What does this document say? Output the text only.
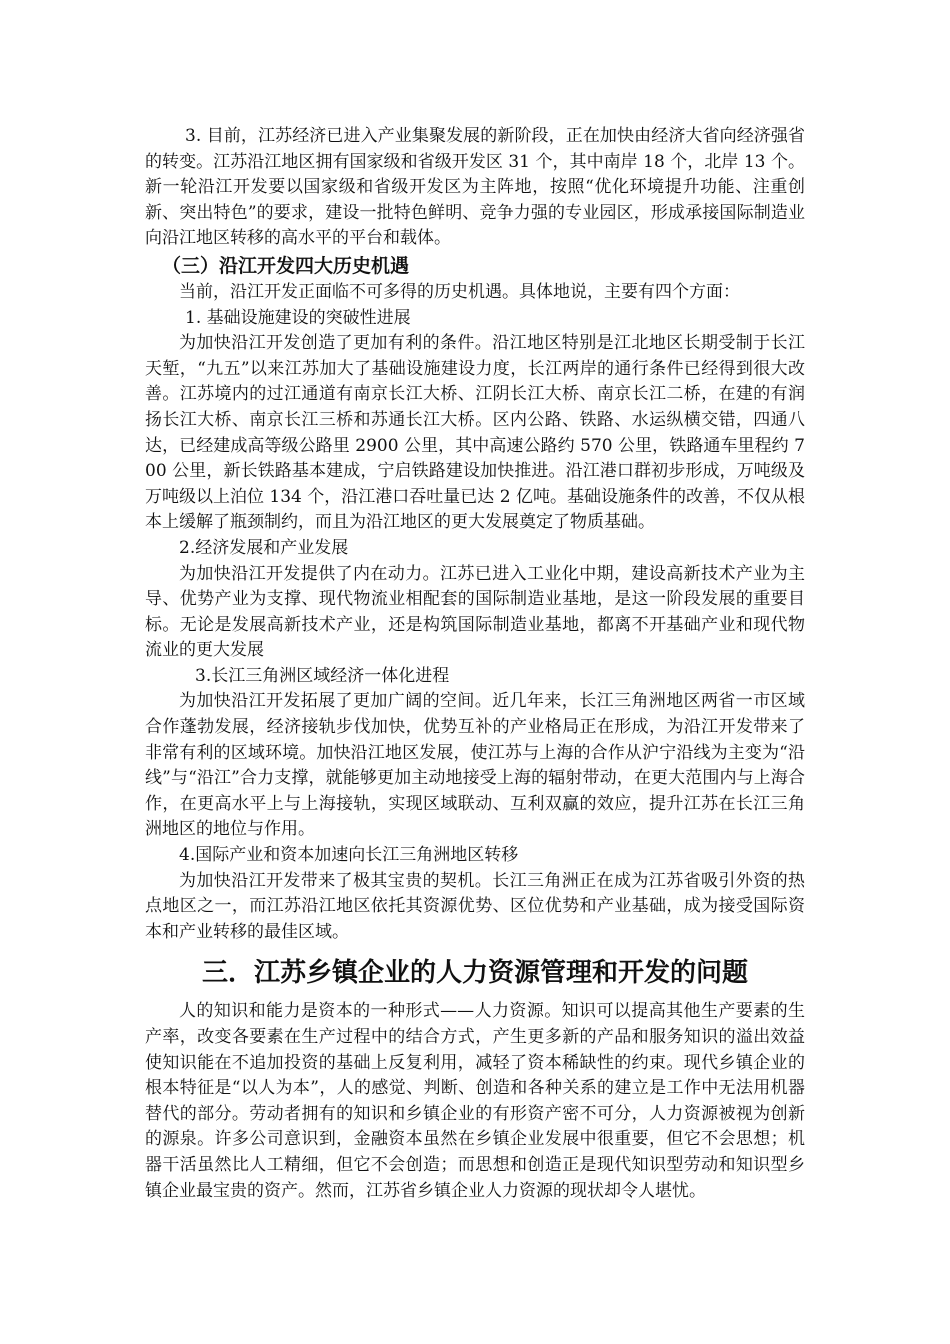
3. 目前，江苏经济已进入产业集聚发展的新阶段，正在加快由经济大省向经济强省的转变。江苏沿江地区拥有国家级和省级开发区 31 个，其中南岸 18 个，北岸 13 个。新一轮沿江开发要以国家级和省级开发区为主阵地，按照“优化环境提升功能、注重创新、突出特色”的要求，建设一批特色鲜明、竞争力强的专业园区，形成承接国际制造业向沿江地区转移的高水平的平台和载体。

（三）沿江开发四大历史机遇

当前，沿江开发正面临不可多得的历史机遇。具体地说，主要有四个方面：

1. 基础设施建设的突破性进展

为加快沿江开发创造了更加有利的条件。沿江地区特别是江北地区长期受制于长江天堑，“九五”以来江苏加大了基础设施建设力度，长江两岸的通行条件已经得到很大改善。江苏境内的过江通道有南京长江大桥、江阴长江大桥、南京长江二桥，在建的有润扬长江大桥、南京长江三桥和苏通长江大桥。区内公路、铁路、水运纵横交错，四通八达，已经建成高等级公路里 2900 公里，其中高速公路约 570 公里，铁路通车里程约 700 公里，新长铁路基本建成，宁启铁路建设加快推进。沿江港口群初步形成，万吨级及万吨级以上泊位 134 个，沿江港口吞吐量已达 2 亿吨。基础设施条件的改善，不仅从根本上缓解了瓶颈制约，而且为沿江地区的更大发展奠定了物质基础。

2.经济发展和产业发展

为加快沿江开发提供了内在动力。江苏已进入工业化中期，建设高新技术产业为主导、优势产业为支撑、现代物流业相配套的国际制造业基地，是这一阶段发展的重要目标。无论是发展高新技术产业，还是构筑国际制造业基地，都离不开基础产业和现代物流业的更大发展

3.长江三角洲区域经济一体化进程

为加快沿江开发拓展了更加广阔的空间。近几年来，长江三角洲地区两省一市区域合作蓬勃发展，经济接轨步伐加快，优势互补的产业格局正在形成，为沿江开发带来了非常有利的区域环境。加快沿江地区发展，使江苏与上海的合作从沪宁沿线为主变为“沿线”与“沿江”合力支撑，就能够更加主动地接受上海的辐射带动，在更大范围内与上海合作，在更高水平上与上海接轨，实现区域联动、互利双赢的效应，提升江苏在长江三角洲地区的地位与作用。

4.国际产业和资本加速向长江三角洲地区转移

为加快沿江开发带来了极其宝贵的契机。长江三角洲正在成为江苏省吸引外资的热点地区之一，而江苏沿江地区依托其资源优势、区位优势和产业基础，成为接受国际资本和产业转移的最佳区域。

三．江苏乡镇企业的人力资源管理和开发的问题

人的知识和能力是资本的一种形式——人力资源。知识可以提高其他生产要素的生产率，改变各要素在生产过程中的结合方式，产生更多新的产品和服务知识的溢出效益使知识能在不追加投资的基础上反复利用，减轻了资本稀缺性的约束。现代乡镇企业的根本特征是“以人为本”，人的感觉、判断、创造和各种关系的建立是工作中无法用机器替代的部分。劳动者拥有的知识和乡镇企业的有形资产密不可分，人力资源被视为创新的源泉。许多公司意识到，金融资本虽然在乡镇企业发展中很重要，但它不会思想；机器干活虽然比人工精细，但它不会创造；而思想和创造正是现代知识型劳动和知识型乡镇企业最宝贵的资产。然而，江苏省乡镇企业人力资源的现状却令人堪忧。
